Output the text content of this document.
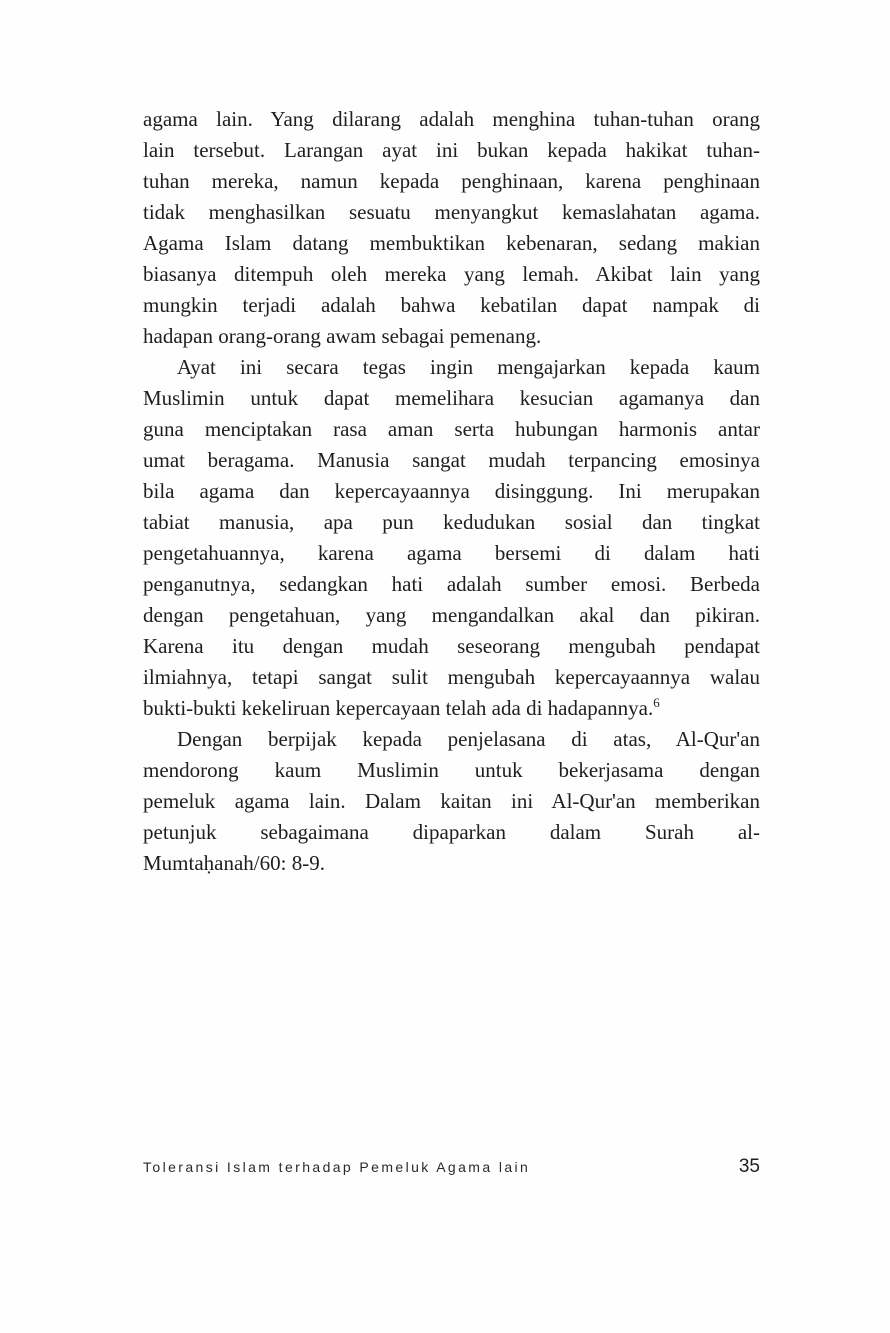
agama lain. Yang dilarang adalah menghina tuhan-tuhan orang
lain tersebut. Larangan ayat ini bukan kepada hakikat tuhan-
tuhan mereka, namun kepada penghinaan, karena penghinaan
tidak menghasilkan sesuatu menyangkut kemaslahatan agama.
Agama Islam datang membuktikan kebenaran, sedang makian
biasanya ditempuh oleh mereka yang lemah. Akibat lain yang
mungkin terjadi adalah bahwa kebatilan dapat nampak di
hadapan orang-orang awam sebagai pemenang.
Ayat ini secara tegas ingin mengajarkan kepada kaum
Muslimin untuk dapat memelihara kesucian agamanya dan
guna menciptakan rasa aman serta hubungan harmonis antar
umat beragama. Manusia sangat mudah terpancing emosinya
bila agama dan kepercayaannya disinggung. Ini merupakan
tabiat manusia, apa pun kedudukan sosial dan tingkat
pengetahuannya, karena agama bersemi di dalam hati
penganutnya, sedangkan hati adalah sumber emosi. Berbeda
dengan pengetahuan, yang mengandalkan akal dan pikiran.
Karena itu dengan mudah seseorang mengubah pendapat
ilmiahnya, tetapi sangat sulit mengubah kepercayaannya walau
bukti-bukti kekeliruan kepercayaan telah ada di hadapannya.$^6$
Dengan berpijak kepada penjelasana di atas, Al-Qur'an
mendorong kaum Muslimin untuk bekerjasama dengan
pemeluk agama lain. Dalam kaitan ini Al-Qur'an memberikan
petunjuk sebagaimana dipaparkan dalam Surah al-
Mumtaḥanah/60: 8-9.
Toleransi Islam terhadap Pemeluk Agama lain	35
